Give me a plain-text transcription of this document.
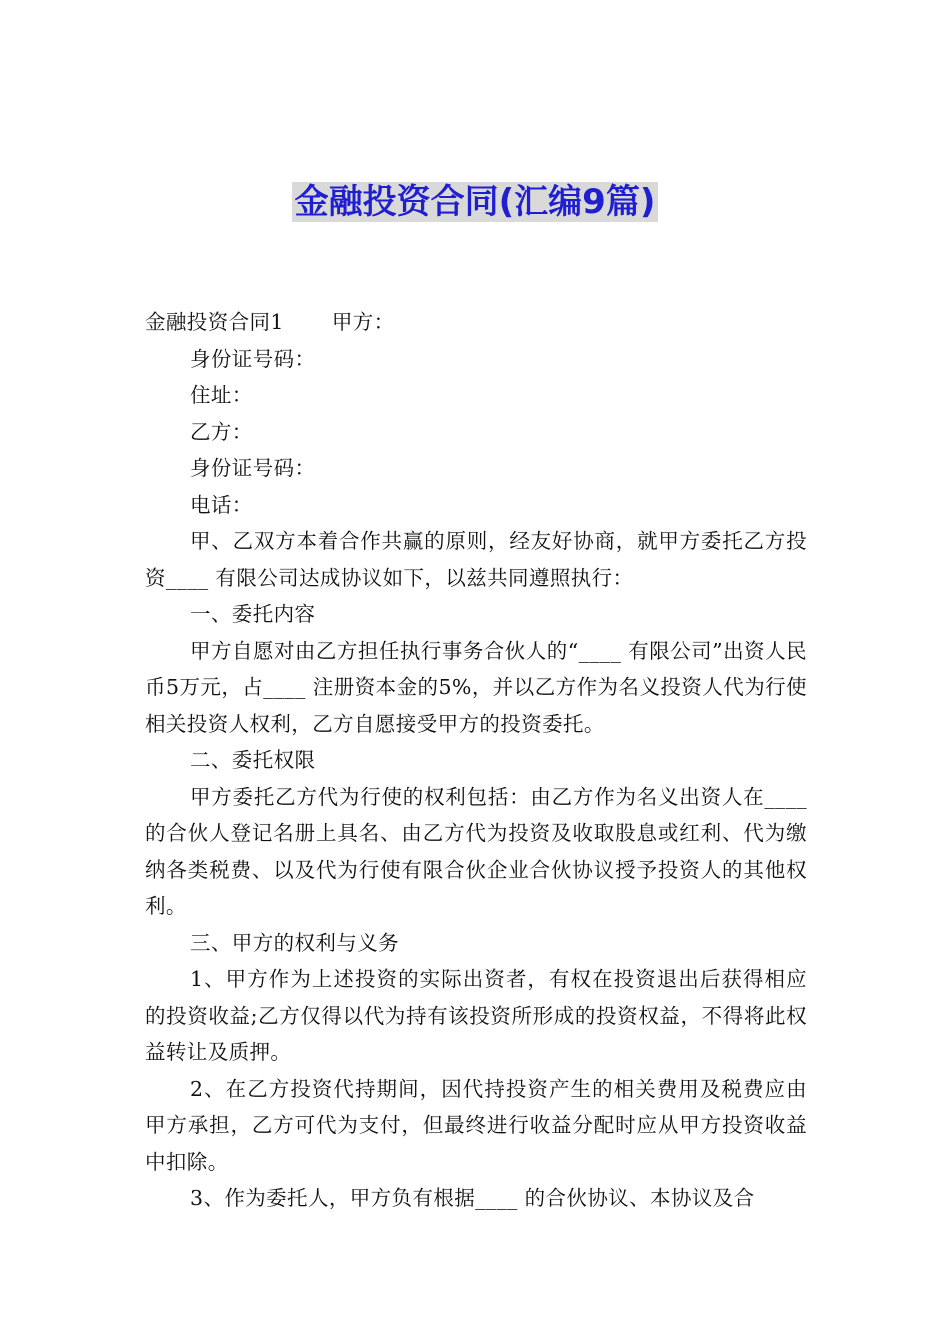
金融投资合同(汇编9篇)

金融投资合同1 甲方：

身份证号码：

住址：

乙方：

身份证号码：

电话：

甲、乙双方本着合作共赢的原则，经友好协商，就甲方委托乙方投资____ 有限公司达成协议如下，以兹共同遵照执行：

一、委托内容

甲方自愿对由乙方担任执行事务合伙人的“____ 有限公司”出资人民币5万元，占____ 注册资本金的5%，并以乙方作为名义投资人代为行使相关投资人权利，乙方自愿接受甲方的投资委托。

二、委托权限

甲方委托乙方代为行使的权利包括：由乙方作为名义出资人在____ 的合伙人登记名册上具名、由乙方代为投资及收取股息或红利、代为缴纳各类税费、以及代为行使有限合伙企业合伙协议授予投资人的其他权利。

三、甲方的权利与义务

1、甲方作为上述投资的实际出资者，有权在投资退出后获得相应的投资收益;乙方仅得以代为持有该投资所形成的投资权益，不得将此权益转让及质押。

2、在乙方投资代持期间，因代持投资产生的相关费用及税费应由甲方承担，乙方可代为支付，但最终进行收益分配时应从甲方投资收益中扣除。

3、作为委托人，甲方负有根据____ 的合伙协议、本协议及合
